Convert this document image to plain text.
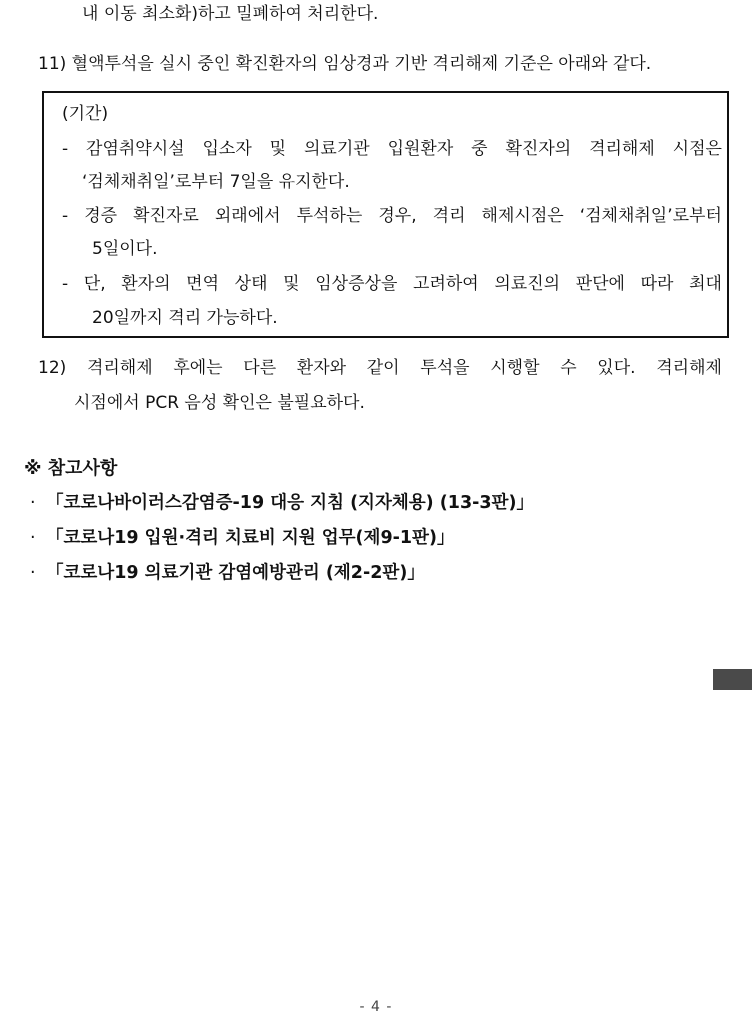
내 이동 최소화)하고 밀폐하여 처리한다.
11) 혈액투석을 실시 중인 확진환자의 임상경과 기반 격리해제 기준은 아래와 같다.
(기간)
- 감염취약시설 입소자 및 의료기관 입원환자 중 확진자의 격리해제 시점은
‘검체채취일’로부터 7일을 유지한다.
- 경증 확진자로 외래에서 투석하는 경우, 격리 해제시점은 ‘검체채취일’로부터
5일이다.
- 단, 환자의 면역 상태 및 임상증상을 고려하여 의료진의 판단에 따라 최대
20일까지 격리 가능하다.
12) 격리해제 후에는 다른 환자와 같이 투석을 시행할 수 있다. 격리해제
시점에서 PCR 음성 확인은 불필요하다.
※ 참고사항
· 「코로나바이러스감염증-19 대응 지침 (지자체용) (13-3판)」
· 「코로나19 입원·격리 치료비 지원 업무(제9-1판)」
· 「코로나19 의료기관 감염예방관리 (제2-2판)」
- 4 -
